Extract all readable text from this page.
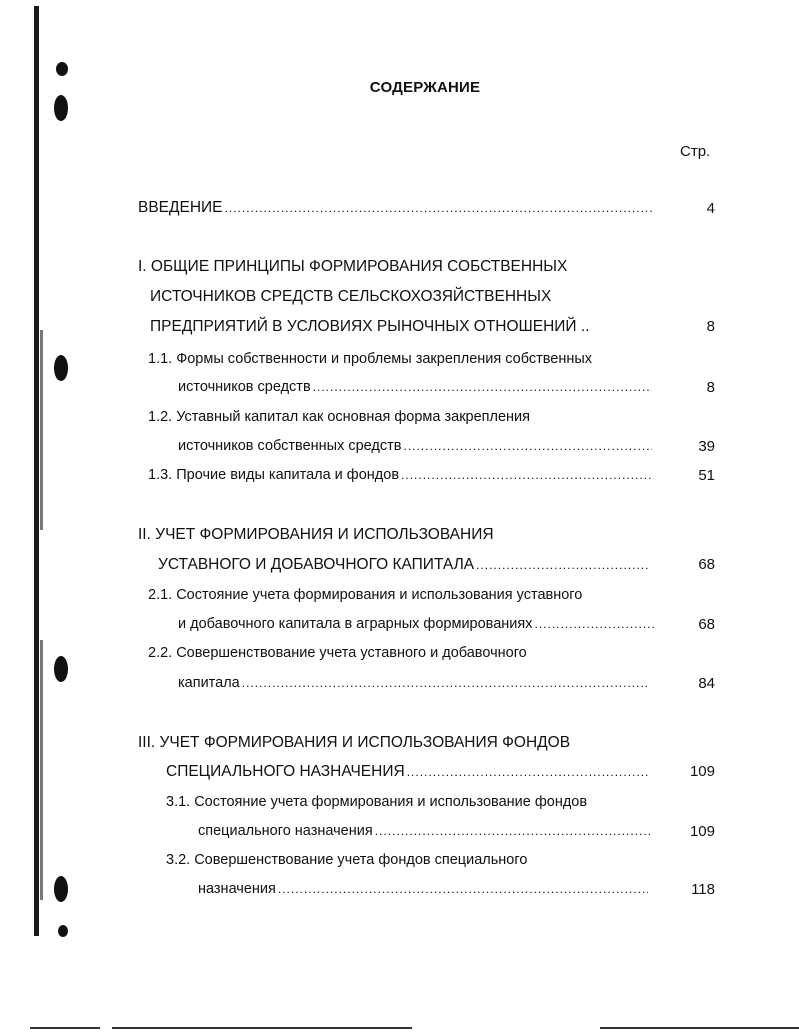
СОДЕРЖАНИЕ
Стр.
ВВЕДЕНИЕ .....	4
I. ОБЩИЕ ПРИНЦИПЫ ФОРМИРОВАНИЯ СОБСТВЕННЫХ
ИСТОЧНИКОВ СРЕДСТВ СЕЛЬСКОХОЗЯЙСТВЕННЫХ
ПРЕДПРИЯТИЙ В УСЛОВИЯХ РЫНОЧНЫХ ОТНОШЕНИЙ ..	8
1.1. Формы собственности и проблемы закрепления собственных
источников средств .....	8
1.2. Уставный капитал как основная форма закрепления
источников собственных средств .....	39
1.3. Прочие виды капитала и фондов .....	51
II. УЧЕТ ФОРМИРОВАНИЯ И ИСПОЛЬЗОВАНИЯ
УСТАВНОГО И ДОБАВОЧНОГО КАПИТАЛА .....	68
2.1. Состояние учета формирования и использования уставного
и добавочного капитала в аграрных формированиях .....	68
2.2. Совершенствование учета уставного и добавочного
капитала .....	84
III. УЧЕТ ФОРМИРОВАНИЯ И ИСПОЛЬЗОВАНИЯ ФОНДОВ
СПЕЦИАЛЬНОГО НАЗНАЧЕНИЯ .....	109
3.1. Состояние учета формирования и использование фондов
специального назначения .....	109
3.2. Совершенствование учета фондов специального
назначения .....	118
